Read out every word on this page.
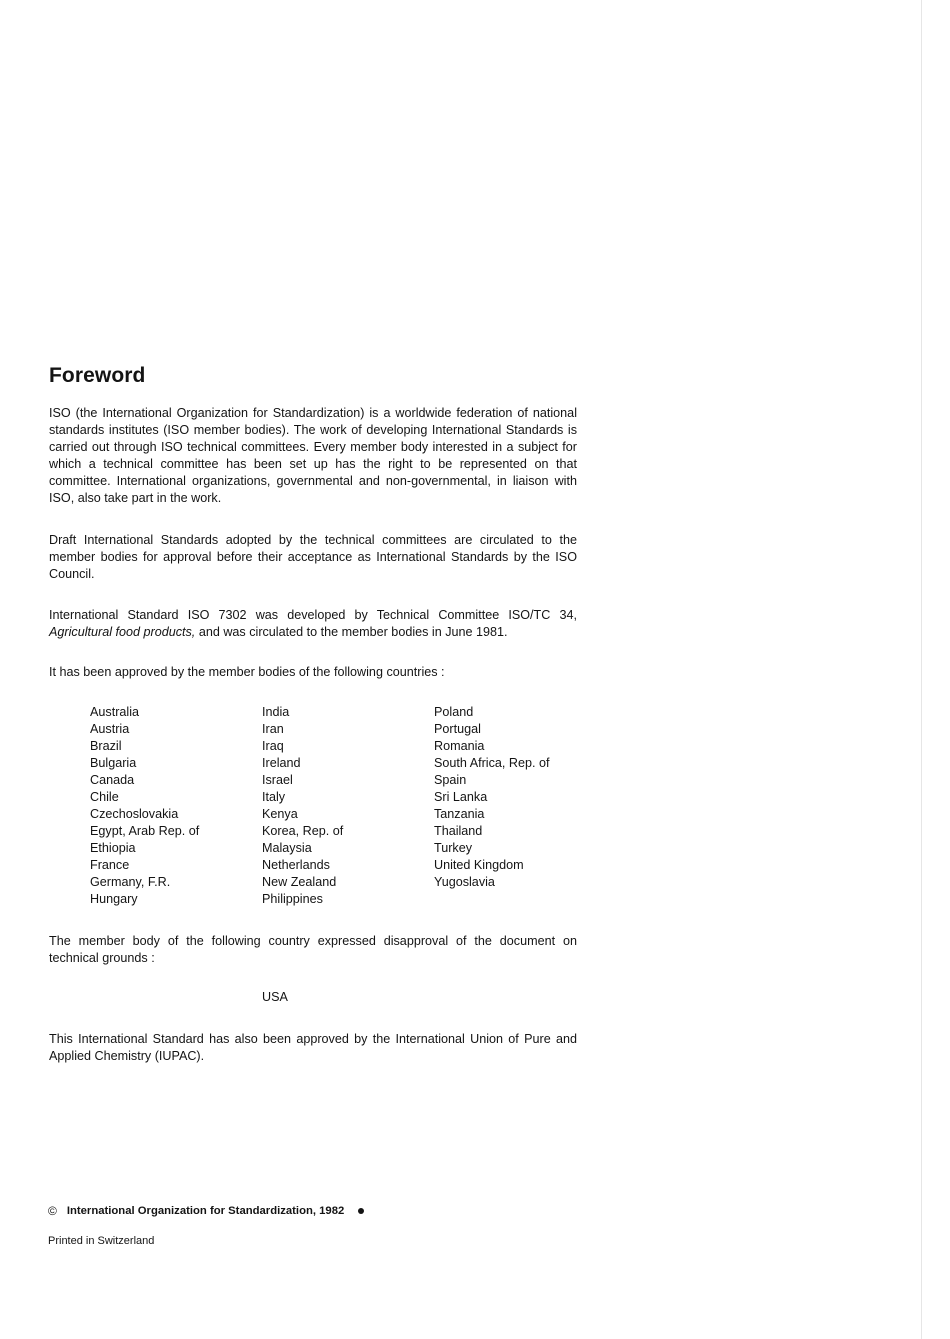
Foreword

ISO (the International Organization for Standardization) is a worldwide federation of national standards institutes (ISO member bodies). The work of developing International Standards is carried out through ISO technical committees. Every member body interested in a subject for which a technical committee has been set up has the right to be represented on that committee. International organizations, governmental and non-governmental, in liaison with ISO, also take part in the work.

Draft International Standards adopted by the technical committees are circulated to the member bodies for approval before their acceptance as International Standards by the ISO Council.

International Standard ISO 7302 was developed by Technical Committee ISO/TC 34, Agricultural food products, and was circulated to the member bodies in June 1981.

It has been approved by the member bodies of the following countries :

Australia
Austria
Brazil
Bulgaria
Canada
Chile
Czechoslovakia
Egypt, Arab Rep. of
Ethiopia
France
Germany, F.R.
Hungary
India
Iran
Iraq
Ireland
Israel
Italy
Kenya
Korea, Rep. of
Malaysia
Netherlands
New Zealand
Philippines
Poland
Portugal
Romania
South Africa, Rep. of
Spain
Sri Lanka
Tanzania
Thailand
Turkey
United Kingdom
Yugoslavia

The member body of the following country expressed disapproval of the document on technical grounds :

USA

This International Standard has also been approved by the International Union of Pure and Applied Chemistry (IUPAC).

© International Organization for Standardization, 1982

Printed in Switzerland
